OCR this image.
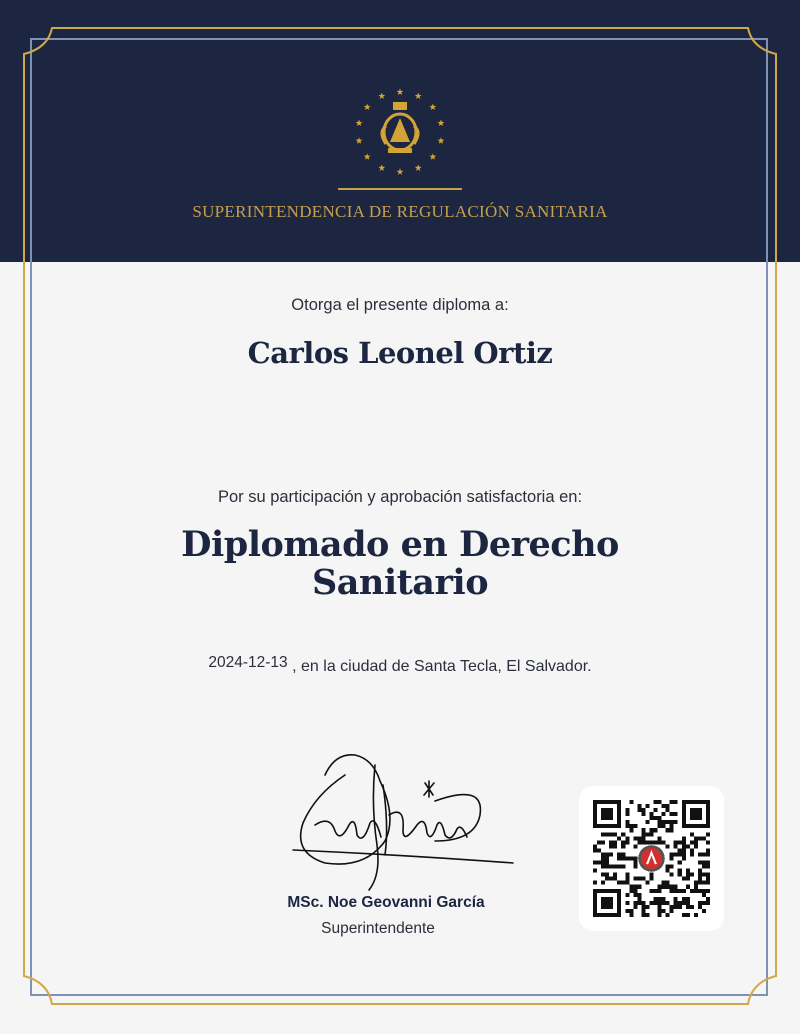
SUPERINTENDENCIA DE REGULACIÓN SANITARIA
Otorga el presente diploma a:
Carlos Leonel Ortiz
Por su participación y aprobación satisfactoria en:
Diplomado en Derecho
Sanitario
2024-12-13 , en la ciudad de Santa Tecla, El Salvador.
MSc. Noe Geovanni García
Superintendente
